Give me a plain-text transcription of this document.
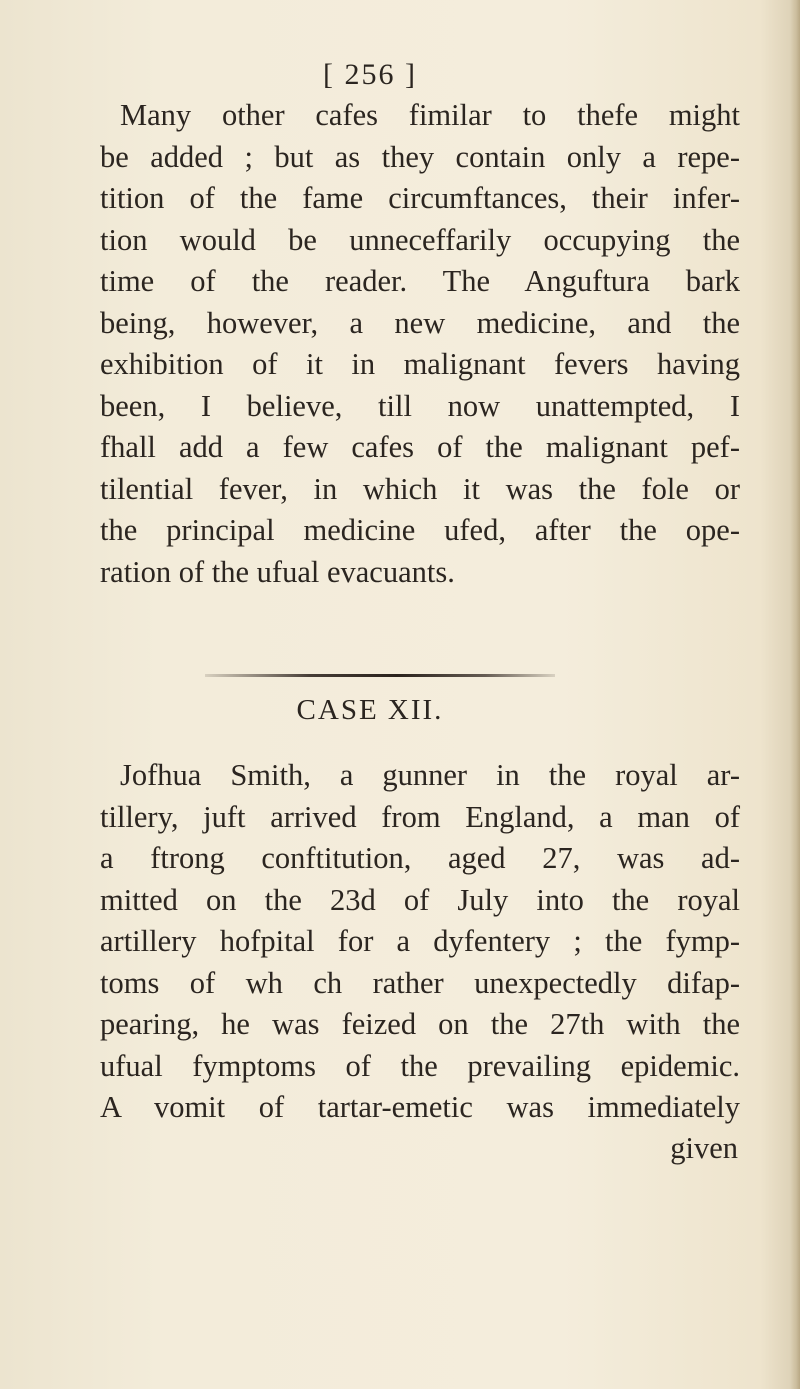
[ 256 ]
Many other cafes fimilar to thefe might
be added ; but as they contain only a repe-
tition of the fame circumftances, their infer-
tion would be unneceffarily occupying the
time of the reader. The Anguftura bark
being, however, a new medicine, and the
exhibition of it in malignant fevers having
been, I believe, till now unattempted, I
fhall add a few cafes of the malignant pef-
tilential fever, in which it was the fole or
the principal medicine ufed, after the ope-
ration of the ufual evacuants.
CASE XII.
Jofhua Smith, a gunner in the royal ar-
tillery, juft arrived from England, a man of
a ftrong conftitution, aged 27, was ad-
mitted on the 23d of July into the royal
artillery hofpital for a dyfentery ; the fymp-
toms of wh ch rather unexpectedly difap-
pearing, he was feized on the 27th with the
ufual fymptoms of the prevailing epidemic.
A vomit of tartar-emetic was immediately
given
